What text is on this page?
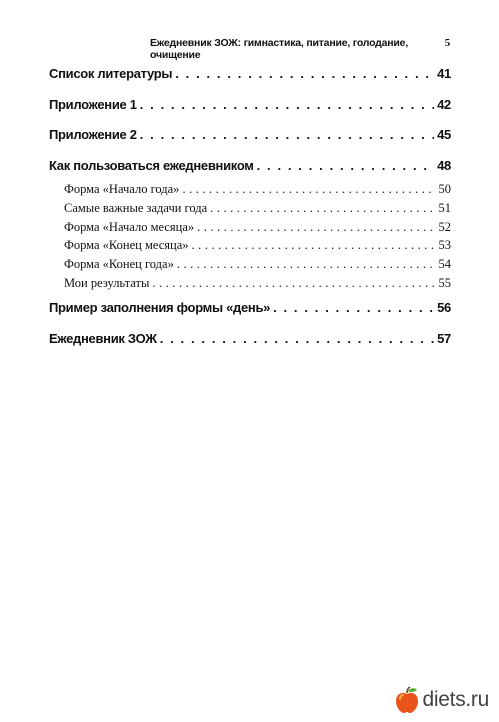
Ежедневник ЗОЖ: гимнастика, питание, голодание, очищение
5
Список литературы . . .	41
Приложение 1 . . .	42
Приложение 2 . . .	45
Как пользоваться ежедневником . . .	48
Форма «Начало года» . . .	50
Самые важные задачи года . . .	51
Форма «Начало месяца» . . .	52
Форма «Конец месяца» . . .	53
Форма «Конец года» . . .	54
Мои результаты . . .	55
Пример заполнения формы «день» . . .	56
Ежедневник ЗОЖ . . .	57
diets.ru
